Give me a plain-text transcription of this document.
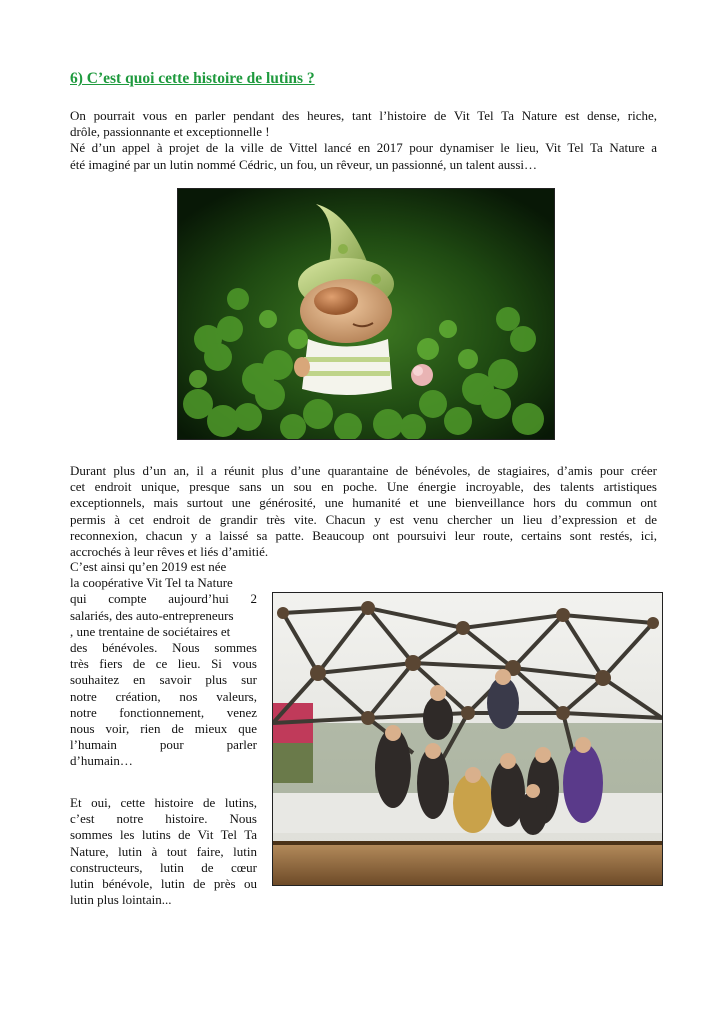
6) C’est quoi cette histoire de lutins ?
On pourrait vous en parler pendant des heures, tant l’histoire de Vit Tel Ta Nature est dense, riche,
drôle, passionnante et exceptionnelle !
Né d’un appel à projet de la ville de Vittel lancé en 2017 pour dynamiser le lieu, Vit Tel Ta Nature a
été imaginé par un lutin nommé Cédric, un fou, un rêveur, un passionné, un talent aussi…
Durant plus d’un an, il a réunit plus d’une quarantaine de bénévoles, de stagiaires, d’amis pour créer
cet endroit unique, presque sans un sou en poche. Une énergie incroyable, des talents artistiques
exceptionnels, mais surtout une générosité, une humanité et une bienveillance hors du commun ont
permis à cet endroit de grandir très vite. Chacun y est venu chercher un lieu d’expression et de
reconnexion, chacun y a laissé sa patte. Beaucoup ont poursuivi leur route, certains sont restés, ici,
accrochés à leur rêves et liés d’amitié.
C’est ainsi qu’en 2019 est née
la coopérative Vit Tel ta Nature
qui compte aujourd’hui 2
salariés, des auto-entrepreneurs
, une trentaine de sociétaires et
des bénévoles. Nous sommes
très fiers de ce lieu. Si vous
souhaitez en savoir plus sur
notre création, nos valeurs,
notre fonctionnement, venez
nous voir, rien de mieux que
l’humain pour parler
d’humain…
Et oui, cette histoire de lutins,
c’est notre histoire. Nous
sommes les lutins de Vit Tel Ta
Nature, lutin à tout faire, lutin
constructeurs, lutin de cœur
lutin bénévole, lutin de près ou
lutin plus lointain...
